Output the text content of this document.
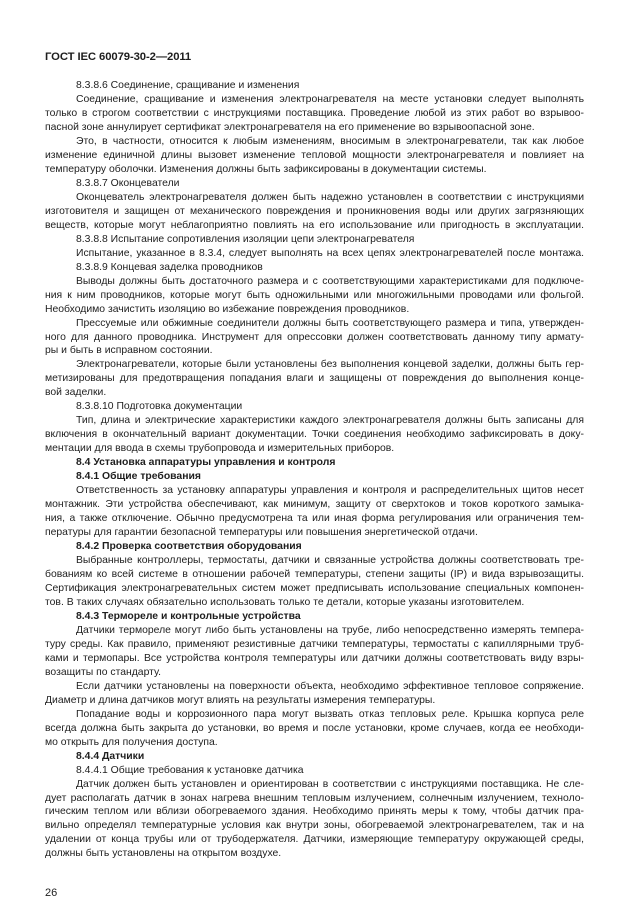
ГОСТ IEC 60079-30-2—2011
8.3.8.6 Соединение, сращивание и изменения
Соединение, сращивание и изменения электронагревателя на месте установки следует выполнять
только в строгом соответствии с инструкциями поставщика. Проведение любой из этих работ во взрывоо-
пасной зоне аннулирует сертификат электронагревателя на его применение во взрывоопасной зоне.
Это, в частности, относится к любым изменениям, вносимым в электронагреватели, так как любое
изменение единичной длины вызовет изменение тепловой мощности электронагревателя и повлияет на
температуру оболочки. Изменения должны быть зафиксированы в документации системы.
8.3.8.7 Оконцеватели
Оконцеватель электронагревателя должен быть надежно установлен в соответствии с инструкциями
изготовителя и защищен от механического повреждения и проникновения воды или других загрязняющих
веществ, которые могут неблагоприятно повлиять на его использование или пригодность в эксплуатации.
8.3.8.8 Испытание сопротивления изоляции цепи электронагревателя
Испытание, указанное в 8.3.4, следует выполнять на всех цепях электронагревателей после монтажа.
8.3.8.9 Концевая заделка проводников
Выводы должны быть достаточного размера и с соответствующими характеристиками для подключе-
ния к ним проводников, которые могут быть одножильными или многожильными проводами или фольгой.
Необходимо зачистить изоляцию во избежание повреждения проводников.
Прессуемые или обжимные соединители должны быть соответствующего размера и типа, утвержден-
ного для данного проводника. Инструмент для опрессовки должен соответствовать данному типу армату-
ры и быть в исправном состоянии.
Электронагреватели, которые были установлены без выполнения концевой заделки, должны быть гер-
метизированы для предотвращения попадания влаги и защищены от повреждения до выполнения конце-
вой заделки.
8.3.8.10 Подготовка документации
Тип, длина и электрические характеристики каждого электронагревателя должны быть записаны для
включения в окончательный вариант документации. Точки соединения необходимо зафиксировать в доку-
ментации для ввода в схемы трубопровода и измерительных приборов.
8.4 Установка аппаратуры управления и контроля
8.4.1 Общие требования
Ответственность за установку аппаратуры управления и контроля и распределительных щитов несет
монтажник. Эти устройства обеспечивают, как минимум, защиту от сверхтоков и токов короткого замыка-
ния, а также отключение. Обычно предусмотрена та или иная форма регулирования или ограничения тем-
пературы для гарантии безопасной температуры или повышения энергетической отдачи.
8.4.2 Проверка соответствия оборудования
Выбранные контроллеры, термостаты, датчики и связанные устройства должны соответствовать тре-
бованиям ко всей системе в отношении рабочей температуры, степени защиты (IP) и вида взрывозащиты.
Сертификация электронагревательных систем может предписывать использование специальных компонен-
тов. В таких случаях обязательно использовать только те детали, которые указаны изготовителем.
8.4.3 Термореле и контрольные устройства
Датчики термореле могут либо быть установлены на трубе, либо непосредственно измерять темпера-
туру среды. Как правило, применяют резистивные датчики температуры, термостаты с капиллярными труб-
ками и термопары. Все устройства контроля температуры или датчики должны соответствовать виду взры-
возащиты по стандарту.
Если датчики установлены на поверхности объекта, необходимо эффективное тепловое сопряжение.
Диаметр и длина датчиков могут влиять на результаты измерения температуры.
Попадание воды и коррозионного пара могут вызвать отказ тепловых реле. Крышка корпуса реле
всегда должна быть закрыта до установки, во время и после установки, кроме случаев, когда ее необходи-
мо открыть для получения доступа.
8.4.4 Датчики
8.4.4.1 Общие требования к установке датчика
Датчик должен быть установлен и ориентирован в соответствии с инструкциями поставщика. Не сле-
дует располагать датчик в зонах нагрева внешним тепловым излучением, солнечным излучением, техноло-
гическим теплом или вблизи обогреваемого здания. Необходимо принять меры к тому, чтобы датчик пра-
вильно определял температурные условия как внутри зоны, обогреваемой электронагревателем, так и на
удалении от конца трубы или от трубодержателя. Датчики, измеряющие температуру окружающей среды,
должны быть установлены на открытом воздухе.
26
